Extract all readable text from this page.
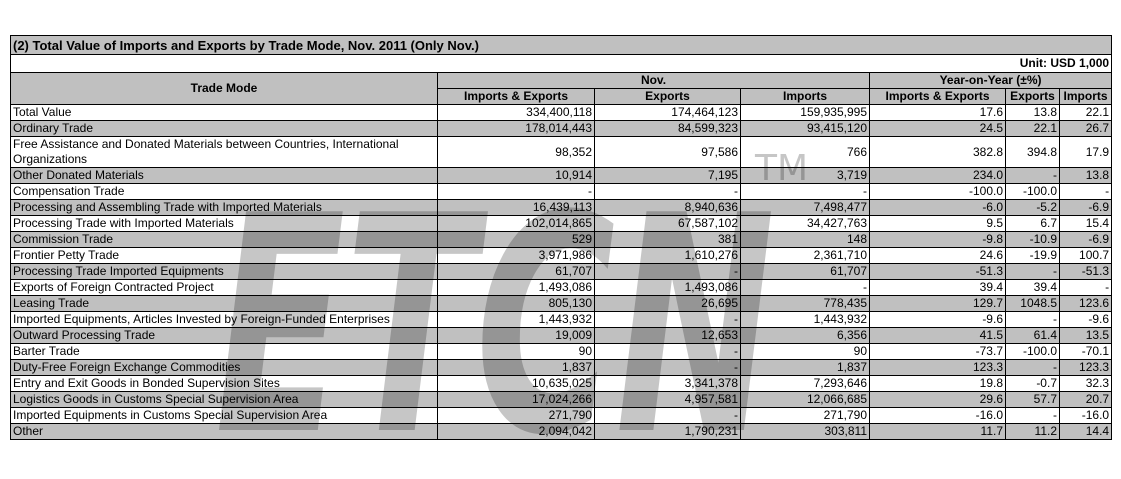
(2) Total Value of Imports and Exports by Trade Mode, Nov. 2011 (Only Nov.)						
Unit: USD 1,000						
Trade Mode	Nov.			Year-on-Year (±%)		
	Imports & Exports	Exports	Imports	Imports & Exports	Exports	Imports
Total Value	334,400,118	174,464,123	159,935,995	17.6	13.8	22.1
Ordinary Trade	178,014,443	84,599,323	93,415,120	24.5	22.1	26.7
Free Assistance and Donated Materials between Countries, International Organizations	98,352	97,586	766	382.8	394.8	17.9
Other Donated Materials	10,914	7,195	3,719	234.0	-	13.8
Compensation Trade	-	-	-	-100.0	-100.0	-
Processing and Assembling Trade with Imported Materials	16,439,113	8,940,636	7,498,477	-6.0	-5.2	-6.9
Processing Trade with Imported Materials	102,014,865	67,587,102	34,427,763	9.5	6.7	15.4
Commission Trade	529	381	148	-9.8	-10.9	-6.9
Frontier Petty Trade	3,971,986	1,610,276	2,361,710	24.6	-19.9	100.7
Processing Trade Imported Equipments	61,707	-	61,707	-51.3	-	-51.3
Exports of Foreign Contracted Project	1,493,086	1,493,086	-	39.4	39.4	-
Leasing Trade	805,130	26,695	778,435	129.7	1048.5	123.6
Imported Equipments, Articles Invested by Foreign-Funded Enterprises	1,443,932	-	1,443,932	-9.6	-	-9.6
Outward Processing Trade	19,009	12,653	6,356	41.5	61.4	13.5
Barter Trade	90	-	90	-73.7	-100.0	-70.1
Duty-Free Foreign Exchange Commodities	1,837	-	1,837	123.3	-	123.3
Entry and Exit Goods in Bonded Supervision Sites	10,635,025	3,341,378	7,293,646	19.8	-0.7	32.3
Logistics Goods in Customs Special Supervision Area	17,024,266	4,957,581	12,066,685	29.6	57.7	20.7
Imported Equipments in Customs Special Supervision Area	271,790	-	271,790	-16.0	-	-16.0
Other	2,094,042	1,790,231	303,811	11.7	11.2	14.4
ETCN
TM
